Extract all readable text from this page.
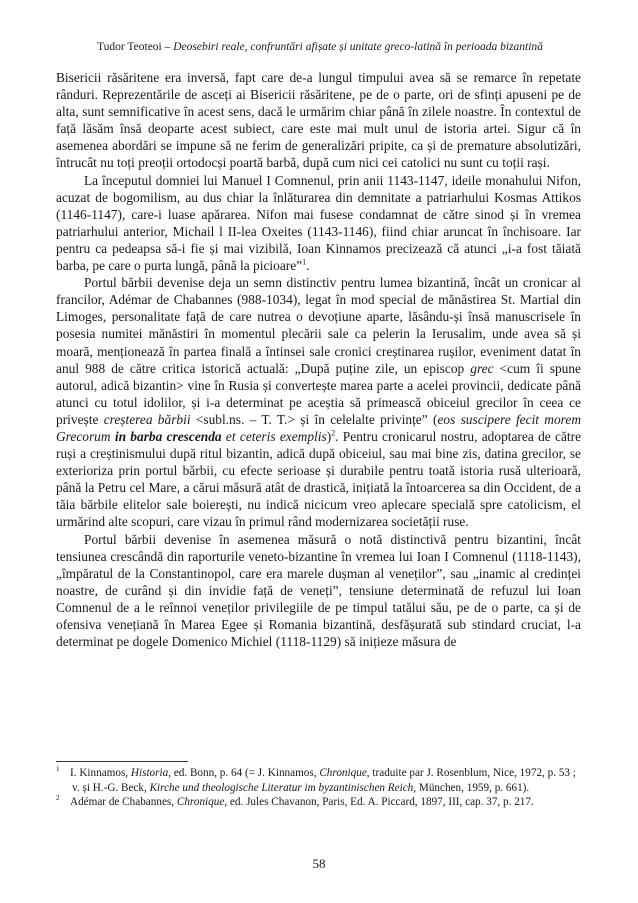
Tudor Teoteoi – Deosebiri reale, confruntări afișate și unitate greco-latină în perioada bizantină

Bisericii răsăritene era inversă, fapt care de-a lungul timpului avea să se remarce în repetate rânduri. Reprezentările de asceți ai Bisericii răsăritene, pe de o parte, ori de sfinți apuseni pe de alta, sunt semnificative în acest sens, dacă le urmărim chiar până în zilele noastre. În contextul de față lăsăm însă deoparte acest subiect, care este mai mult unul de istoria artei. Sigur că în asemenea abordări se impune să ne ferim de generalizări pripite, ca și de premature absolutizări, întrucât nu toți preoții ortodocși poartă barbă, după cum nici cei catolici nu sunt cu toții rași.

La începutul domniei lui Manuel I Comnenul, prin anii 1143-1147, ideile monahului Nifon, acuzat de bogomilism, au dus chiar la înlăturarea din demnitate a patriarhului Kosmas Attikos (1146-1147), care-i luase apărarea. Nifon mai fusese condamnat de către sinod și în vremea patriarhului anterior, Michail l II-lea Oxeites (1143-1146), fiind chiar aruncat în închisoare. Iar pentru ca pedeapsa să-i fie și mai vizibilă, Ioan Kinnamos precizează că atunci „i-a fost tăiată barba, pe care o purta lungă, până la picioare”$^1$.

Portul bărbii devenise deja un semn distinctiv pentru lumea bizantină, încât un cronicar al francilor, Adémar de Chabannes (988-1034), legat în mod special de mănăstirea St. Martial din Limoges, personalitate față de care nutrea o devoțiune aparte, lăsându-și însă manuscrisele în posesia numitei mănăstiri în momentul plecării sale ca pelerin la Ierusalim, unde avea să și moară, menționează în partea finală a întinsei sale cronici creștinarea rușilor, eveniment datat în anul 988 de către critica istorică actuală: „După puține zile, un episcop grec <cum îi spune autorul, adică bizantin> vine în Rusia și convertește marea parte a acelei provincii, dedicate până atunci cu totul idolilor, și i-a determinat pe aceștia să primească obiceiul grecilor în ceea ce privește creșterea bărbii <subl.ns. – T. T.> și în celelalte privințe” (eos suscipere fecit morem Grecorum in barba crescenda et ceteris exemplis)$^2$. Pentru cronicarul nostru, adoptarea de către ruși a creștinismului după ritul bizantin, adică după obiceiul, sau mai bine zis, datina grecilor, se exterioriza prin portul bărbii, cu efecte serioase și durabile pentru toată istoria rusă ulterioară, până la Petru cel Mare, a cărui măsură atât de drastică, inițiată la întoarcerea sa din Occident, de a tăia bărbile elitelor sale boierești, nu indică nicicum vreo aplecare specială spre catolicism, el urmărind alte scopuri, care vizau în primul rând modernizarea societății ruse.

Portul bărbii devenise în asemenea măsură o notă distinctivă pentru bizantini, încât tensiunea crescândă din raporturile veneto-bizantine în vremea lui Ioan I Comnenul (1118-1143), „împăratul de la Constantinopol, care era marele dușman al veneților”, sau „inamic al credinței noastre, de curând și din invidie față de veneți”, tensiune determinată de refuzul lui Ioan Comnenul de a le reînnoi veneților privilegiile de pe timpul tatălui său, pe de o parte, ca și de ofensiva venețiană în Marea Egee și Romania bizantină, desfășurată sub stindard cruciat, l-a determinat pe dogele Domenico Michiel (1118-1129) să inițieze măsura de

$^1$ I. Kinnamos, Historia, ed. Bonn, p. 64 (= J. Kinnamos, Chronique, traduite par J. Rosenblum, Nice, 1972, p. 53 ; v. și H.-G. Beck, Kirche und theologische Literatur im byzantinischen Reich, München, 1959, p. 661).
$^2$ Adémar de Chabannes, Chronique, ed. Jules Chavanon, Paris, Ed. A. Piccard, 1897, III, cap. 37, p. 217.
58
